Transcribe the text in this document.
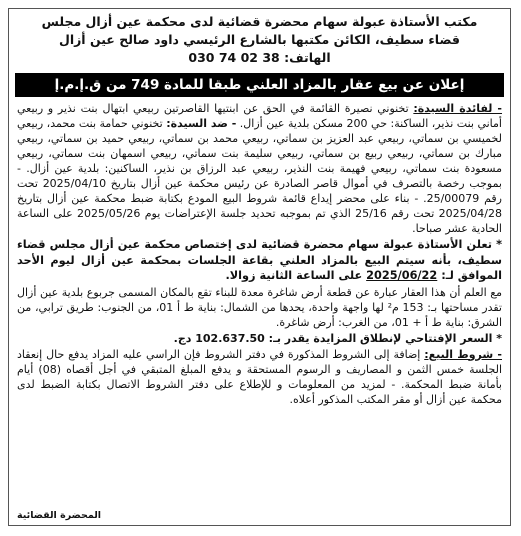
مكتب الأستاذة عبولة سهام محضرة قضائية لدى محكمة عين أزال مجلس
قضاء سطيف، الكائن مكتبها بالشارع الرئيسي داود صالح عين أزال
الهاتف: 38 02 74 030
إعلان عن بيع عقار بالمزاد العلني طبقا للمادة 749 من ق.إ.م.إ

- لفائدة السيدة: تخنوني نصيرة القائمة في الحق عن ابنتيها القاصرتين ربيعي ابتهال بنت نذير و ربيعي أماني بنت نذير، الساكنة: حي 200 مسكن بلدية عين أزال. - ضد السيدة: تخنوني حمامة بنت محمد، ربيعي لخميسي بن سماتي، ربيعي عبد العزيز بن سماتي، ربيعي محمد بن سماتي، ربيعي حميد بن سماتي، ربيعي مبارك بن سماتي، ربيعي ربيع بن سماتي، ربيعي سليمة بنت سماتي، ربيعي اسمهان بنت سماتي، ربيعي مسعودة بنت سماتي، ربيعي فهيمة بنت النذير، ربيعي عبد الرزاق بن نذير، الساكنين: بلدية عين أزال. - بموجب رخصة بالتصرف في أموال قاصر الصادرة عن رئيس محكمة عين أزال بتاريخ 2025/04/10 تحت رقم 25/00079. - بناء على محضر إيداع قائمة شروط البيع المودع بكتابة ضبط محكمة عين أزال بتاريخ 2025/04/28 تحت رقم 25/16 الذي تم بموجبه تحديد جلسة الإعتراضات يوم 2025/05/26 على الساعة الحادية عشر صباحا.

* تعلن الأستاذة عبولة سهام محضرة قضائية لدى إختصاص محكمة عين أزال مجلس قضاء سطيف، بأنه سيتم البيع بالمزاد العلني بقاعة الجلسات بمحكمة عين أزال ليوم الأحد الموافق لـ: 2025/06/22 على الساعة الثانية زوالا.

مع العلم أن هذا العقار عبارة عن قطعة أرض شاغرة معدة للبناء تقع بالمكان المسمى جربوع بلدية عين أزال تقدر مساحتها بـ: 153 م² لها واجهة واحدة، يحدها من الشمال: بناية ط أ 01، من الجنوب: طريق ترابي، من الشرق: بناية ط أ + 01، من الغرب: أرض شاغرة.

* السعر الإفتتاحي لإنطلاق المزايدة يقدر بـ: 102.637.50 دج.

- شروط البيع: إضافة إلى الشروط المذكورة في دفتر الشروط فإن الراسي عليه المزاد يدفع حال إنعقاد الجلسة خمس الثمن و المصاريف و الرسوم المستحقة و يدفع المبلغ المتبقي في أجل أقصاه (08) أيام بأمانة ضبط المحكمة. - لمزيد من المعلومات و للإطلاع على دفتر الشروط الاتصال بكتابة الضبط لدى محكمة عين أزال أو مقر المكتب المذكور أعلاه.

المحضرة القضائية
